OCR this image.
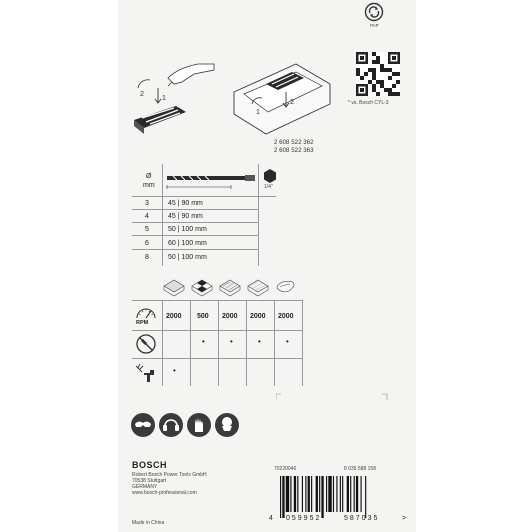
PAP
2
1
1
2	* vs. Bosch CYL-3
2 608 522 362
2 608 522 363
Ø
mm	1/4"
3	45 | 90 mm
4	45 | 90 mm
5	50 | 100 mm
6	60 | 100 mm
8	50 | 100 mm
RPM
2000 500 2000 2000 2000
•	•	•	•
•
BOSCH
Robert Bosch Power Tools GmbH
70538 Stuttgart
GERMANY
www.bosch-professional.com
70220046	8 035 588 158
4 059952	587035	>
Made in China
